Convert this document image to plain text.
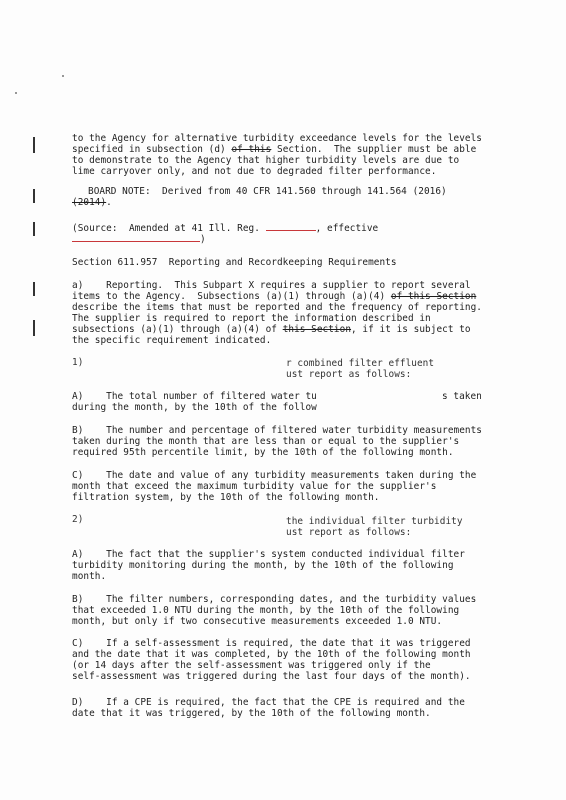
to the Agency for alternative turbidity exceedance levels for the levels
specified in subsection (d) of this Section.  The supplier must be able
to demonstrate to the Agency that higher turbidity levels are due to
lime carryover only, and not due to degraded filter performance.
BOARD NOTE:  Derived from 40 CFR 141.560 through 141.564 (2016)
(2014).
(Source:  Amended at 41 Ill. Reg.	, effective
)
Section 611.957  Reporting and Recordkeeping Requirements
a)    Reporting.  This Subpart X requires a supplier to report several
items to the Agency.  Subsections (a)(1) through (a)(4) of this Section
describe the items that must be reported and the frequency of reporting.
The supplier is required to report the information described in
subsections (a)(1) through (a)(4) of this Section, if it is subject to
the specific requirement indicated.
1)	r combined filter effluent
ust report as follows:
A)    The total number of filtered water tu	s taken
during the month, by the 10th of the follow
B)    The number and percentage of filtered water turbidity measurements
taken during the month that are less than or equal to the supplier's
required 95th percentile limit, by the 10th of the following month.
C)    The date and value of any turbidity measurements taken during the
month that exceed the maximum turbidity value for the supplier's
filtration system, by the 10th of the following month.
2)	the individual filter turbidity
ust report as follows:
A)    The fact that the supplier's system conducted individual filter
turbidity monitoring during the month, by the 10th of the following
month.
B)    The filter numbers, corresponding dates, and the turbidity values
that exceeded 1.0 NTU during the month, by the 10th of the following
month, but only if two consecutive measurements exceeded 1.0 NTU.
C)    If a self-assessment is required, the date that it was triggered
and the date that it was completed, by the 10th of the following month
(or 14 days after the self-assessment was triggered only if the
self-assessment was triggered during the last four days of the month).
D)    If a CPE is required, the fact that the CPE is required and the
date that it was triggered, by the 10th of the following month.
